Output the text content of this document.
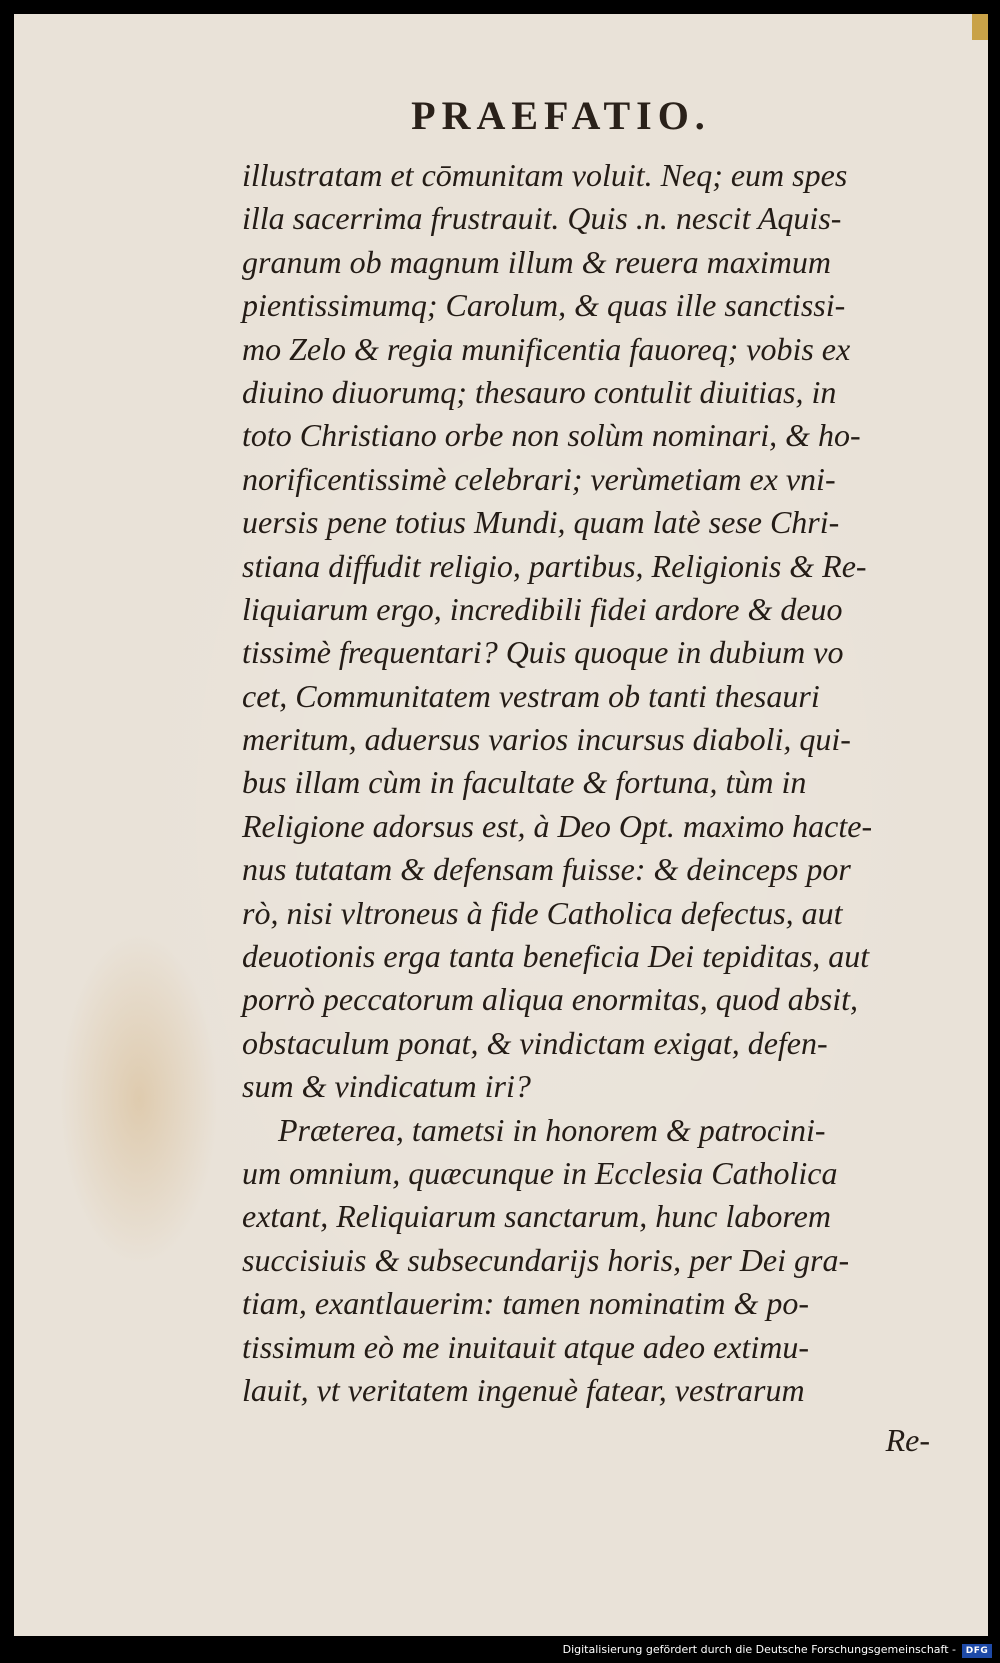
PRAEFATIO.
illustratam et cōmunitam voluit. Neq; eum spes
illa sacerrima frustrauit. Quis .n. nescit Aquis-
granum ob magnum illum & reuera maximum
pientissimumq; Carolum, & quas ille sanctissi-
mo Zelo & regia munificentia fauoreq; vobis ex
diuino diuorumq; thesauro contulit diuitias, in
toto Christiano orbe non solùm nominari, & ho-
norificentissimè celebrari; verùmetiam ex vni-
uersis pene totius Mundi, quam latè sese Chri-
stiana diffudit religio, partibus, Religionis & Re-
liquiarum ergo, incredibili fidei ardore & deuo
tissimè frequentari? Quis quoque in dubium vo
cet, Communitatem vestram ob tanti thesauri
meritum, aduersus varios incursus diaboli, qui-
bus illam cùm in facultate & fortuna, tùm in
Religione adorsus est, à Deo Opt. maximo hacte-
nus tutatam & defensam fuisse: & deinceps por
rò, nisi vltroneus à fide Catholica defectus, aut
deuotionis erga tanta beneficia Dei tepiditas, aut
porrò peccatorum aliqua enormitas, quod absit,
obstaculum ponat, & vindictam exigat, defen-
sum & vindicatum iri?
Præterea, tametsi in honorem & patrocini-
um omnium, quæcunque in Ecclesia Catholica
extant, Reliquiarum sanctarum, hunc laborem
succisiuis & subsecundarijs horis, per Dei gra-
tiam, exantlauerim: tamen nominatim & po-
tissimum eò me inuitauit atque adeo extimu-
lauit, vt veritatem ingenuè fatear, vestrarum

Re-

Digitalisierung gefördert durch die Deutsche Forschungsgemeinschaft -	DFG
